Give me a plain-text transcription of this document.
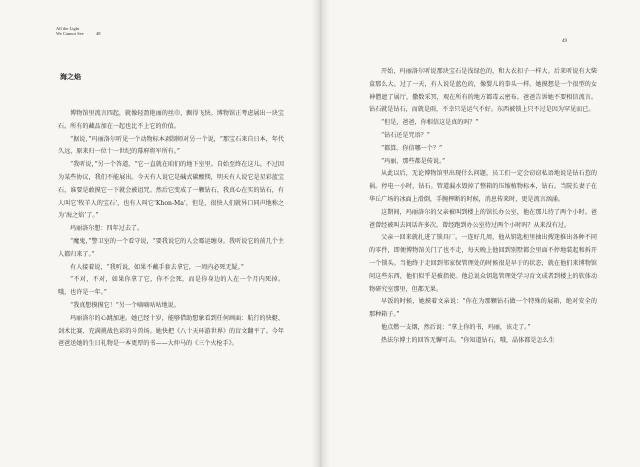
All the Light
We Cannot See	48
海之焰

博物馆里流言四起，就像轻盈艳丽的丝巾，飘得飞快。博物馆正考虑展出一块宝石。所有的藏品加在一起也比不上它的价值。

“据说，”玛丽洛尔听见一个动物标本剥制师对另一个说，“那宝石来自日本，年代久远，原来归一位十一世纪的幕府将军所有。”

“我听说，”另一个答道，“它一直就在咱们的地下室里。自始至终在这儿。不过因为某些协议，我们不能展出。今天有人说它是碱式碳酸镁，明天有人说它是星彩蓝宝石，谁要是敢摸它一下就会被诅咒。然后它变成了一颗钻石，我真心在实的钻石，有人叫它‘牧羊人的宝石’，也有人叫它‘Khon-Ma’，但是，很快人们就异口同声地称之为‘海之焰’了。”

玛丽洛尔想：四年过去了。

“魔鬼，”警卫室的一个看守说，“要我说它的人会霉运缠身。我听说它的前几个主人都归来了。”

有人接着说，“我听说，如果不戴手套去拿它，一周内必死无疑。”

“不对，不对，如果你拿了它，你不会死，而是你身边的人在一个月内死掉。哦，也许是一年。”

“我真想摸摸它！”另一个嘀嘀咕咕地说。

玛丽洛尔的心跳加速。她已经十岁，能够借助想象看到任何画面：航行的快艇、剑术比赛、充满挑战色彩的斗兽场。她快把《八十天环游世界》的盲文翻平了。今年爸爸送她的生日礼物是一本更厚的书——大仲马的《三个火枪手》。

49

开始，玛丽洛尔听说那块宝石是浅绿色的，和大衣扣子一样大。后来听说有大柴盒那么大。过了一天，有人说是蓝色的，像婴儿的拳头一样。她摸想是一个很型的女神僧遮了展厅，撒数采冥，观在所有的地方都毒云密布。爸爸告诉她不要相信流言。钻石就是钻石，而就是雨，不幸只是运气不好。东西被锁上只不过是因为罕见而已。

“但是，爸爸，你相信这是真的吗？”

“钻石还是咒语？”

“都算。你信哪一个？”

“玛丽，那些都是传说。”

从此以后，无论博物馆里出现什么问题，员工们一定会窃窃私语地说是钻石惹的祸。停电一小时，钻石。管道漏水毁掉了整箱的压缩植物标本，钻石。当院长妻子在华丘广场的冰面上滑倒，手腕摔断的时候，消息传来时，更是流言汹涌。

这期间，玛丽洛尔的父亲被叫到楼上的馆长办公室，他在那儿待了两个小时。爸爸曾经被叫去问话许多次。曾经跑到办公室待过两个小时吗？从来没有过。

父亲一回来就扎进了锁具厂。一连好几周，他从钥匙柜里抽出搜迷推出各种不同的零件，即便博物馆关门了也不走，每天晚上他回到别墅都会里面不停地装起和拆开一个锁头。当他终于走回到邻家保管理处的时候很是早于的状态，就在他们来博物馆问这些东西，他们似乎是被指使。他总说众钥匙管理处学习育文成者到楼上的软体动物研究室那里，但都无果。

早饭的时候，她摸着文亲说：“你在为那颗钻石做一个特殊的展箱，绝对安全的那种箱子。”

他点燃一支烟，然后说：“拿上你的书，玛丽，该走了。”

热法尔博士的回答无懈可击。“你知道钻石，哦，晶体都是怎么生
